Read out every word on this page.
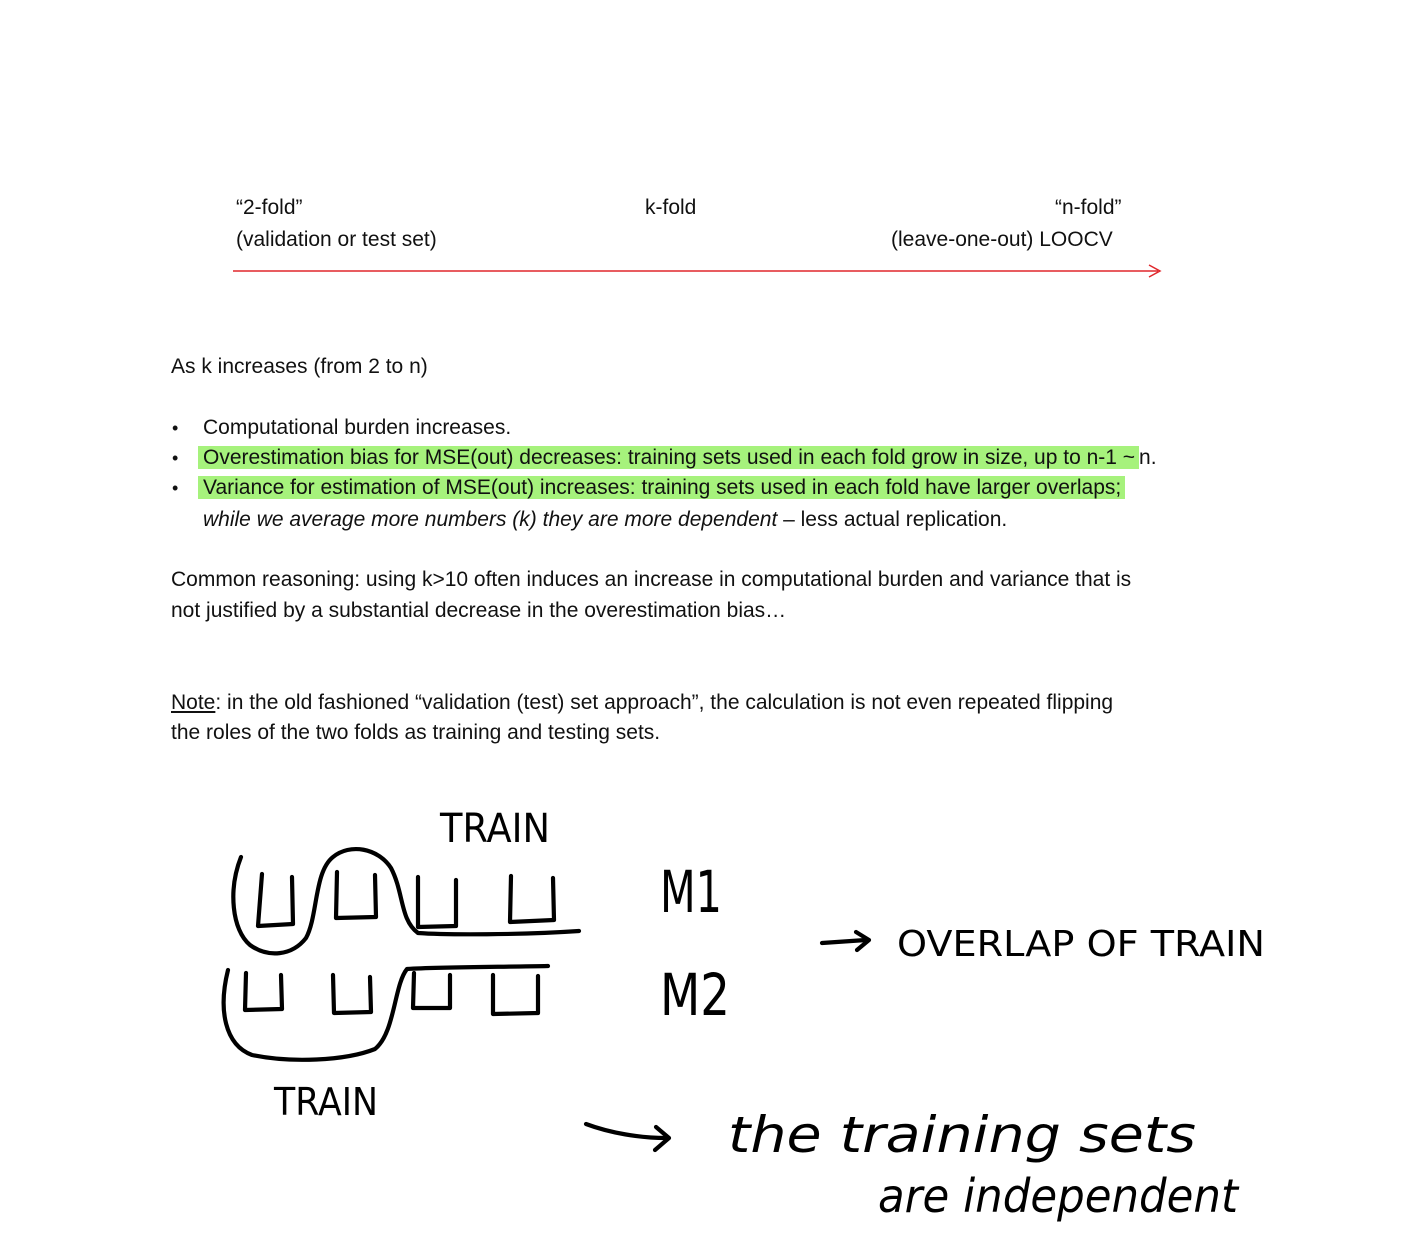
“2-fold”
(validation or test set)
k-fold	“n-fold”
(leave-one-out) LOOCV
As k increases (from 2 to n)
• Computational burden increases.
• Overestimation bias for MSE(out) decreases: training sets used in each fold grow in size, up to n-1 ~ n.
• Variance for estimation of MSE(out) increases: training sets used in each fold have larger overlaps;
while we average more numbers (k) they are more dependent – less actual replication.
Common reasoning: using k>10 often induces an increase in computational burden and variance that is
not justified by a substantial decrease in the overestimation bias…
Note: in the old fashioned “validation (test) set approach”, the calculation is not even repeated flipping
the roles of the two folds as training and testing sets.
TRAIN
TRAIN
M1
M2
OVERLAP OF TRAIN
the training sets
are independent
